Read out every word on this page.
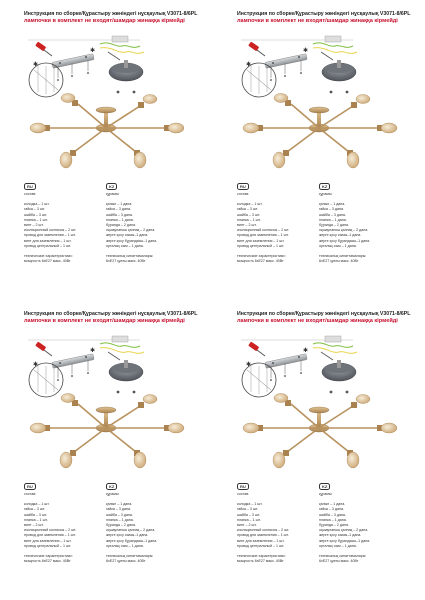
Инструкция по сборке/Құрастыру жөніндегі нұсқаулық V3071-8/6PL
лампочки в комплект не входят/шамдар жинаққа кірмейді
✱
✱
RU
состав:
колодка – 1 шт.
гайка – 3 шт.
шайба – 3 шт.
планка – 1 шт.
винт – 2 шт.
изоляционный колпачок – 2 шт.
провод для заземления – 1 шт.
винт для заземления – 1 шт.
провод центральный – 1 шт.
технические характеристики:
мощность 6хE27 макс. 40Вт
KZ
құрамы:
қалып – 1 дана.
гайка – 3 дана.
шайба – 3 дана.
планка – 1 дана.
бұранда – 2 дана.
оқшаулағыш қалпақ – 2 дана.
жерге қосу сымы–1 дана.
жерге қосу бұрандасы–1 дана.
орталық сым – 1 дана.
техникалық сипаттамалары:
6хE27 қуаты макс. 40Вт
Инструкция по сборке/Құрастыру жөніндегі нұсқаулық V3071-8/6PL
лампочки в комплект не входят/шамдар жинаққа кірмейді
✱
✱
RU
состав:
колодка – 1 шт.
гайка – 3 шт.
шайба – 3 шт.
планка – 1 шт.
винт – 2 шт.
изоляционный колпачок – 2 шт.
провод для заземления – 1 шт.
винт для заземления – 1 шт.
провод центральный – 1 шт.
технические характеристики:
мощность 6хE27 макс. 40Вт
KZ
құрамы:
қалып – 1 дана.
гайка – 3 дана.
шайба – 3 дана.
планка – 1 дана.
бұранда – 2 дана.
оқшаулағыш қалпақ – 2 дана.
жерге қосу сымы–1 дана.
жерге қосу бұрандасы–1 дана.
орталық сым – 1 дана.
техникалық сипаттамалары:
6хE27 қуаты макс. 40Вт
Инструкция по сборке/Құрастыру жөніндегі нұсқаулық V3071-8/6PL
лампочки в комплект не входят/шамдар жинаққа кірмейді
✱
✱
RU
состав:
колодка – 1 шт.
гайка – 3 шт.
шайба – 3 шт.
планка – 1 шт.
винт – 2 шт.
изоляционный колпачок – 2 шт.
провод для заземления – 1 шт.
винт для заземления – 1 шт.
провод центральный – 1 шт.
технические характеристики:
мощность 6хE27 макс. 40Вт
KZ
құрамы:
қалып – 1 дана.
гайка – 3 дана.
шайба – 3 дана.
планка – 1 дана.
бұранда – 2 дана.
оқшаулағыш қалпақ – 2 дана.
жерге қосу сымы–1 дана.
жерге қосу бұрандасы–1 дана.
орталық сым – 1 дана.
техникалық сипаттамалары:
6хE27 қуаты макс. 40Вт
Инструкция по сборке/Құрастыру жөніндегі нұсқаулық V3071-8/6PL
лампочки в комплект не входят/шамдар жинаққа кірмейді
✱
✱
RU
состав:
колодка – 1 шт.
гайка – 3 шт.
шайба – 3 шт.
планка – 1 шт.
винт – 2 шт.
изоляционный колпачок – 2 шт.
провод для заземления – 1 шт.
винт для заземления – 1 шт.
провод центральный – 1 шт.
технические характеристики:
мощность 6хE27 макс. 40Вт
KZ
құрамы:
қалып – 1 дана.
гайка – 3 дана.
шайба – 3 дана.
планка – 1 дана.
бұранда – 2 дана.
оқшаулағыш қалпақ – 2 дана.
жерге қосу сымы–1 дана.
жерге қосу бұрандасы–1 дана.
орталық сым – 1 дана.
техникалық сипаттамалары:
6хE27 қуаты макс. 40Вт
